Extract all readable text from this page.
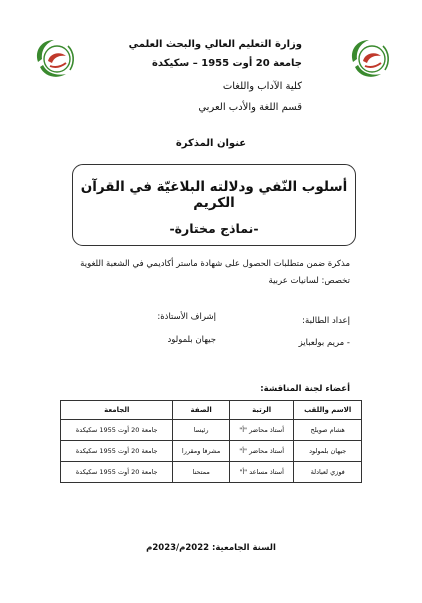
وزارة التعليم العالي والبحث العلمي
جامعة 20 أوت 1955 – سكيكدة
كلية الآداب واللغات
قسم اللغة والأدب العربي
عنوان المذكرة
أسلوب النّفي ودلالته البلاغيّة في القرآن الكريم
-نماذج مختارة-
مذكرة ضمن متطلبات الحصول على شهادة ماستر أكاديمي في الشعبة اللغوية
تخصص: لسانيات عربية
إعداد الطالبة:
- مريم بولعبايز
إشراف الأستاذة:
جيهان بلمولود
أعضاء لجنة المناقشة:
الاسم واللقب	الرتبة	الصفة	الجامعة
هشام صويلح	أستاذ محاضر "أ"	رئيسا	جامعة 20 أوت 1955 سكيكدة
جيهان بلمولود	أستاذ محاضر "أ"	مشرفا ومقررا	جامعة 20 أوت 1955 سكيكدة
فوزي لعبادلة	أستاذ مساعد "أ"	ممتحنا	جامعة 20 أوت 1955 سكيكدة
السنة الجامعية: 2022م/2023م
